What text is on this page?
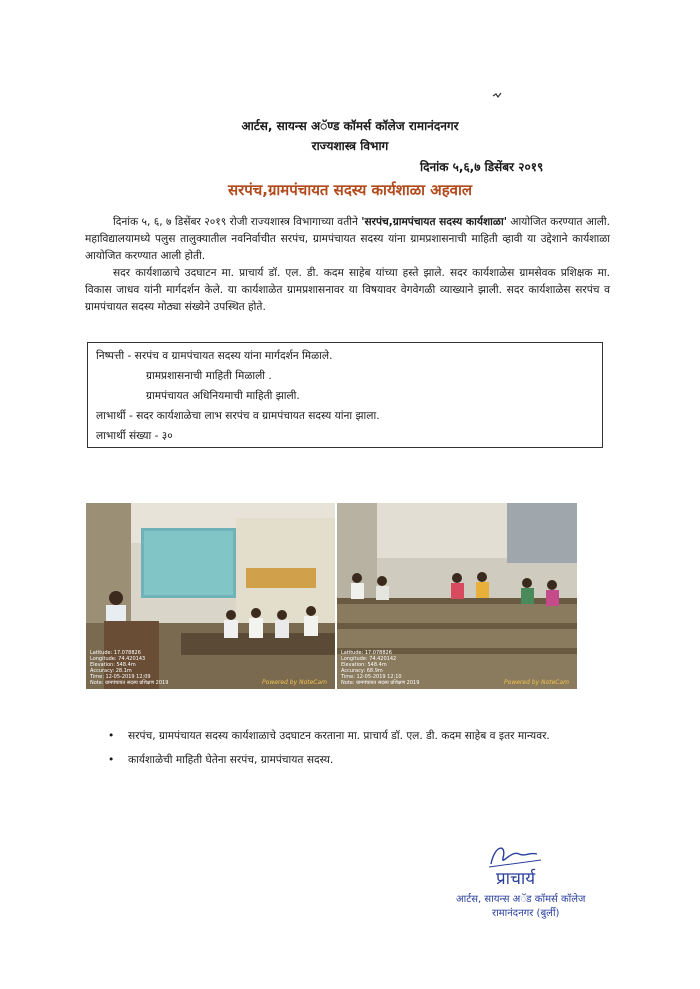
आर्टस, सायन्स अॅण्ड कॉमर्स कॉलेज रामानंदनगर
राज्यशास्त्र विभाग
दिनांक ५,६,७ डिसेंबर २०१९
सरपंच,ग्रामपंचायत सदस्य कार्यशाळा अहवाल
दिनांक ५, ६, ७ डिसेंबर २०१९ रोजी राज्यशास्त्र विभागाच्या वतीने 'सरपंच,ग्रामपंचायत सदस्य कार्यशाळा' आयोजित करण्यात आली. महाविद्यालयामध्ये पलुस तालुक्यातील नवनिर्वाचीत सरपंच, ग्रामपंचायत सदस्य यांना ग्रामप्रशासनाची माहिती व्हावी या उद्देशाने कार्यशाळा आयोजित करण्यात आली होती.
सदर कार्यशाळाचे उदघाटन मा. प्राचार्य डॉ. एल. डी. कदम साहेब यांच्या हस्ते झाले. सदर कार्यशाळेस ग्रामसेवक प्रशिक्षक मा. विकास जाधव यांनी मार्गदर्शन केले. या कार्यशाळेत ग्रामप्रशासनावर या विषयावर वेगवेगळी व्याख्याने झाली. सदर कार्यशाळेस सरपंच व ग्रामपंचायत सदस्य मोठ्या संख्येने उपस्थित होते.
निष्पत्ती - सरपंच व ग्रामपंचायत सदस्य यांना मार्गदर्शन मिळाले.
ग्रामप्रशासनाची माहिती मिळाली .
ग्रामपंचायत अधिनियमाची माहिती झाली.
लाभार्थी - सदर कार्यशाळेचा लाभ सरपंच व ग्रामपंचायत सदस्य यांना झाला.
लाभार्थी संख्या - ३०
Latitude: 17.078826
Longitude: 74.420143
Elevation: 548.4m
Accuracy: 28.1m
Time: 12-05-2019 12:09
Note: ग्रामपंचायत सदस्य प्रशिक्षण 2019	Powered by NoteCam
Latitude: 17.078826
Longitude: 74.420142
Elevation: 548.4m
Accuracy: 68.9m
Time: 12-05-2019 12:10
Note: ग्रामपंचायत सदस्य प्रशिक्षण 2019	Powered by NoteCam
• सरपंच, ग्रामपंचायत सदस्य कार्यशाळाचे उदघाटन करताना मा. प्राचार्य डॉ. एल. डी. कदम साहेब व इतर मान्यवर.
• कार्यशाळेची माहिती घेतेना सरपंच, ग्रामपंचायत सदस्य.
प्राचार्य
आर्टस, सायन्स अॅड कॉमर्स कॉलेज
रामानंदनगर (बुर्ली)
